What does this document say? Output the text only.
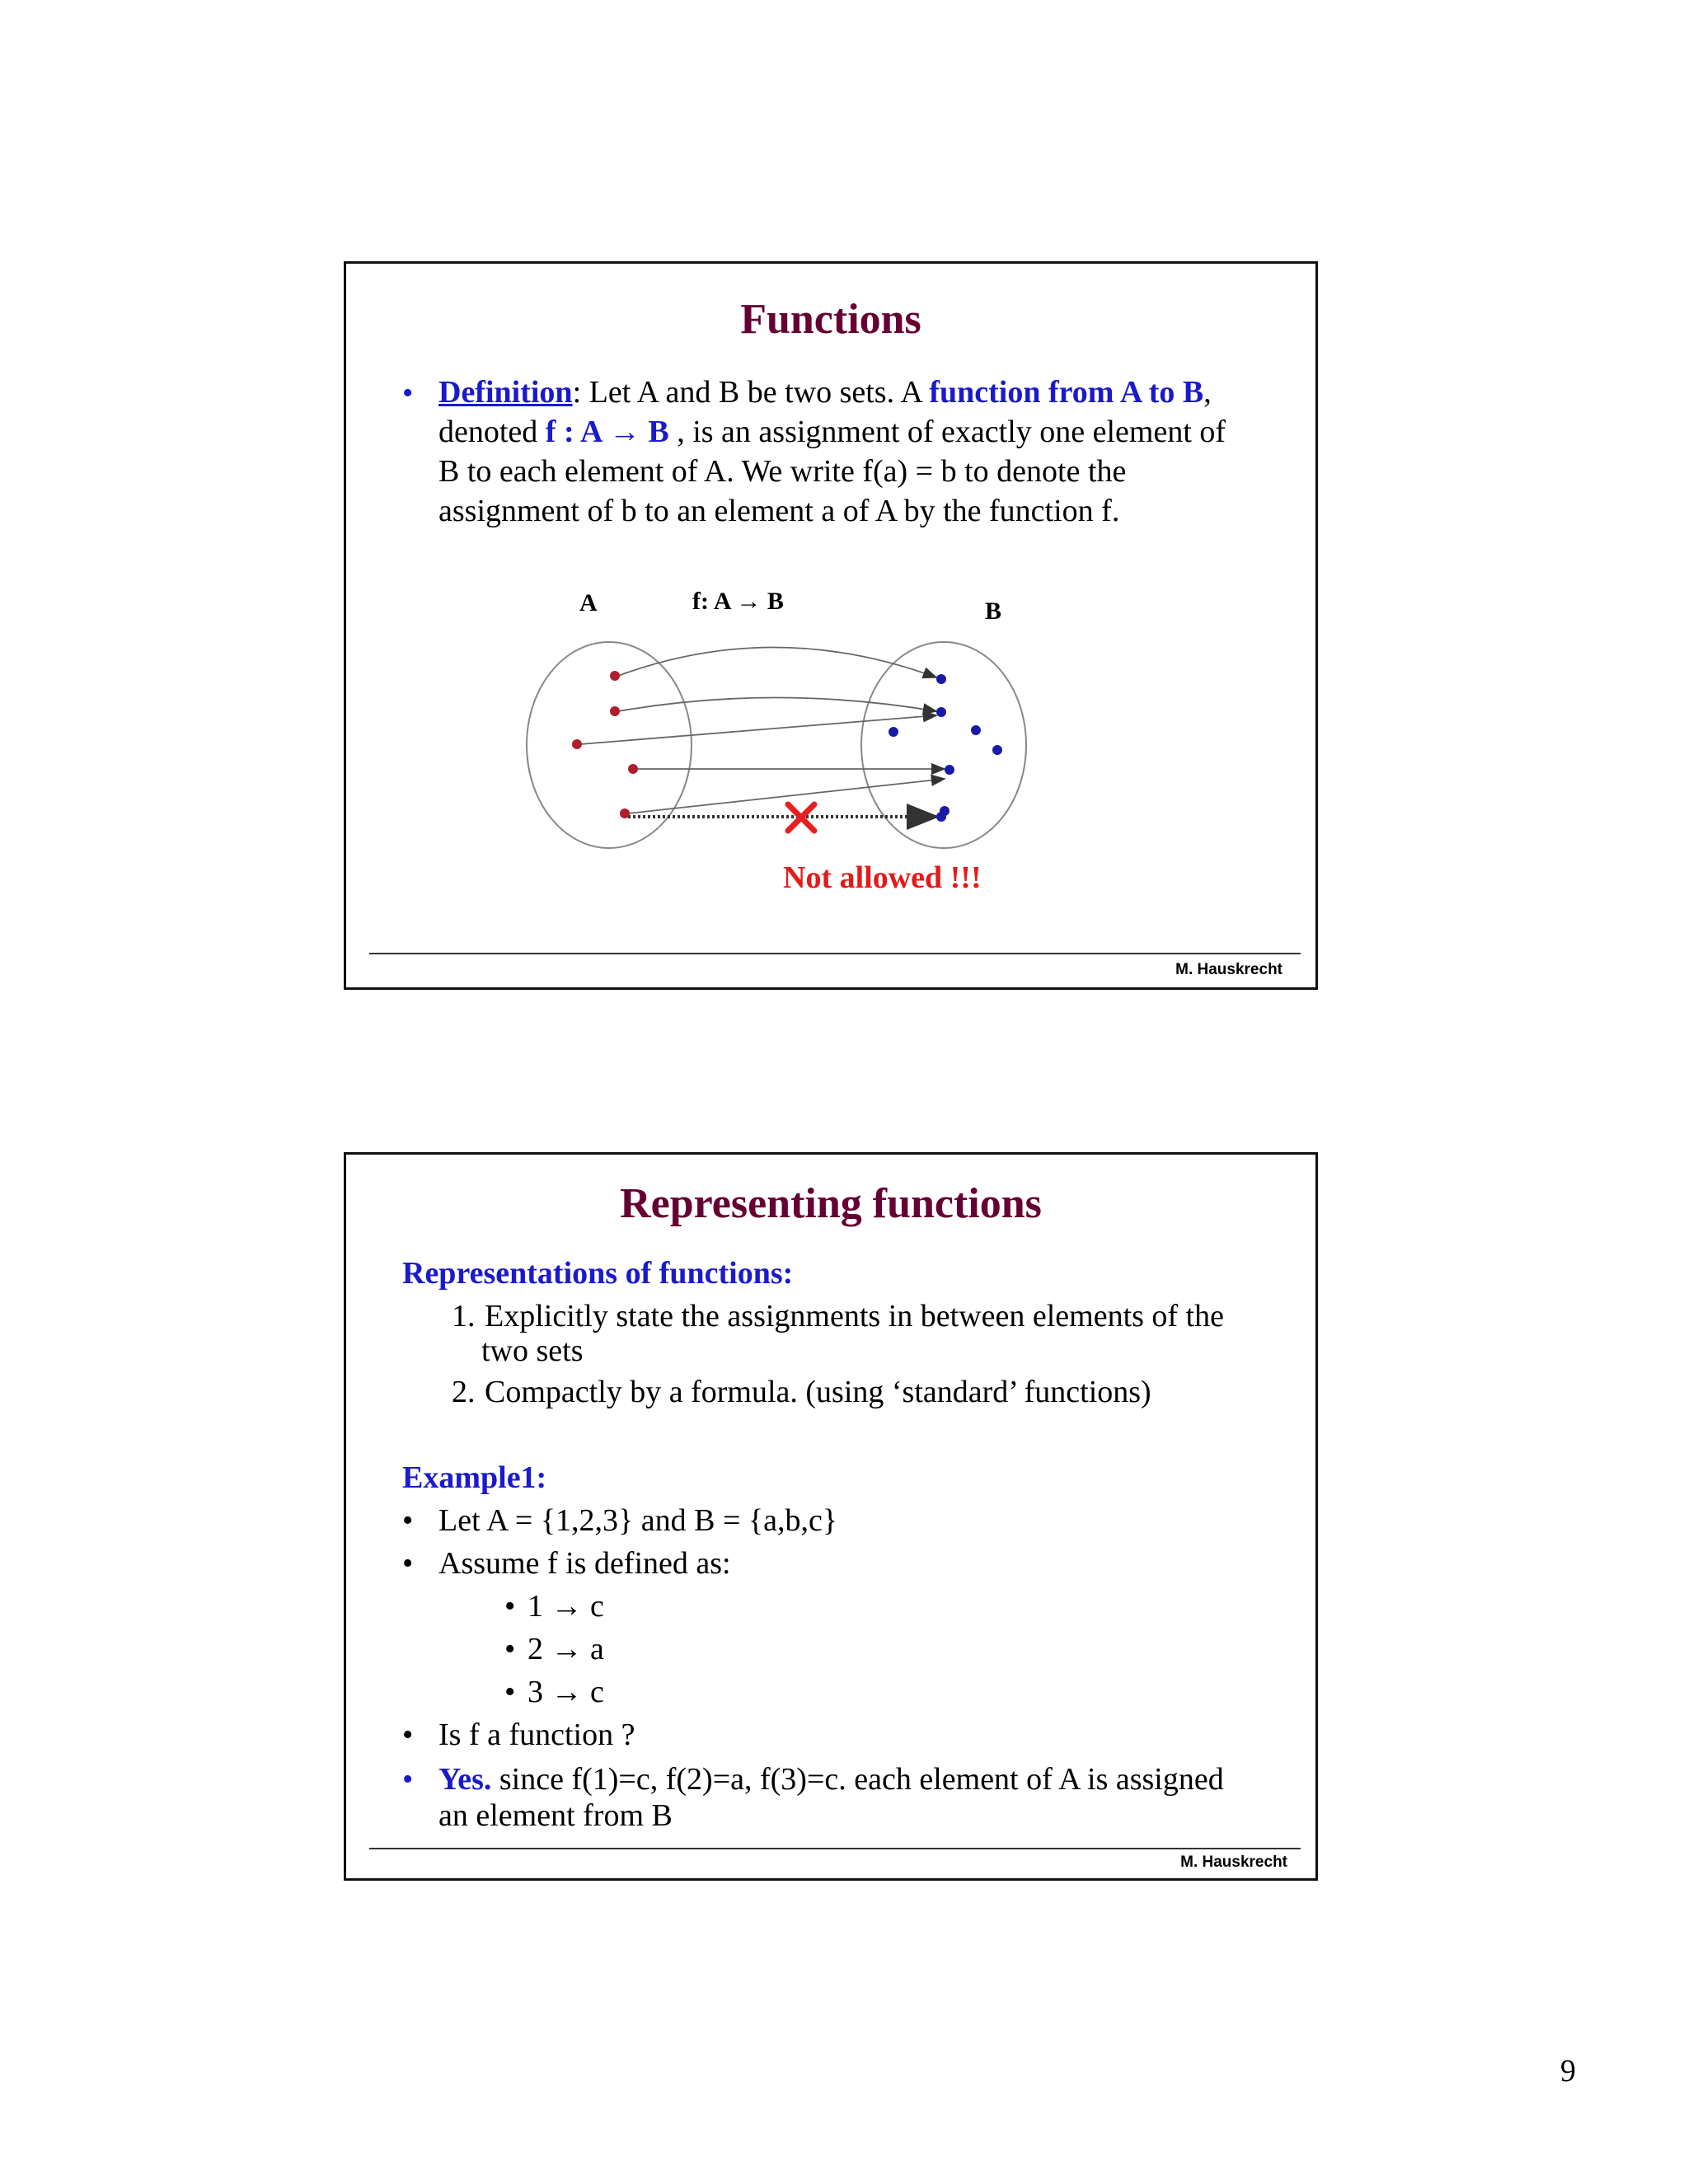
Functions
• Definition: Let A and B be two sets. A function from A to B,
denoted f : A → B , is an assignment of exactly one element of
B to each element of A. We write f(a) = b to denote the
assignment of b to an element a of A by the function f.
A	f: A → B	B
Not allowed !!!
M. Hauskrecht
Representing functions
Representations of functions:
1. Explicitly state the assignments in between elements of the
two sets
2. Compactly by a formula. (using ‘standard’ functions)
Example1:
• Let A = {1,2,3} and B = {a,b,c}
• Assume f is defined as:
• 1 → c
• 2 → a
• 3 → c
• Is f a function ?
• Yes. since f(1)=c, f(2)=a, f(3)=c. each element of A is assigned
an element from B
M. Hauskrecht
9
